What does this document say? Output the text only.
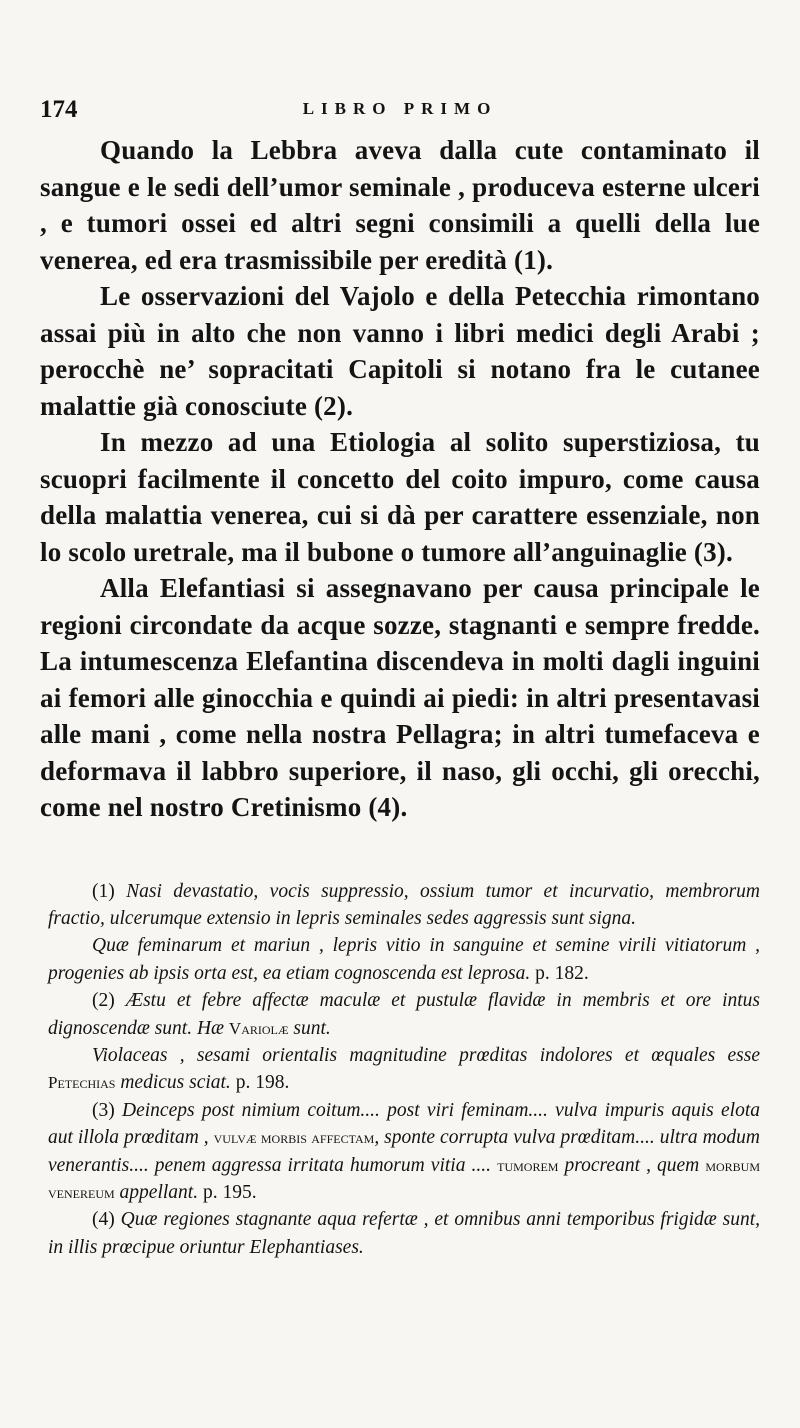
174	LIBRO PRIMO

Quando la Lebbra aveva dalla cute contaminato il sangue e le sedi dell’umor seminale , produceva esterne ulceri , e tumori ossei ed altri segni consimili a quelli della lue venerea, ed era trasmissibile per eredità (1).

Le osservazioni del Vajolo e della Petecchia rimontano assai più in alto che non vanno i libri medici degli Arabi ; perocchè ne’ sopracitati Capitoli si notano fra le cutanee malattie già conosciute (2).

In mezzo ad una Etiologia al solito superstiziosa, tu scuopri facilmente il concetto del coito impuro, come causa della malattia venerea, cui si dà per carattere essenziale, non lo scolo uretrale, ma il bubone o tumore all’anguinaglie (3).

Alla Elefantiasi si assegnavano per causa principale le regioni circondate da acque sozze, stagnanti e sempre fredde. La intumescenza Elefantina discendeva in molti dagli inguini ai femori alle ginocchia e quindi ai piedi: in altri presentavasi alle mani , come nella nostra Pellagra; in altri tumefaceva e deformava il labbro superiore, il naso, gli occhi, gli orecchi, come nel nostro Cretinismo (4).

(1) Nasi devastatio, vocis suppressio, ossium tumor et incurvatio, membrorum fractio, ulcerumque extensio in lepris seminales sedes aggressis sunt signa.

Quæ feminarum et mariun , lepris vitio in sanguine et semine virili vitiatorum , progenies ab ipsis orta est, ea etiam cognoscenda est leprosa. p. 182.

(2) Æstu et febre affectæ maculæ et pustulæ flavidæ in membris et ore intus dignoscendæ sunt. Hæ Variolæ sunt.

Violaceas , sesami orientalis magnitudine prœditas indolores et œquales esse Petechias medicus sciat. p. 198.

(3) Deinceps post nimium coitum.... post viri feminam.... vulva impuris aquis elota aut illola prœditam , vulvæ morbis affectam, sponte corrupta vulva prœditam.... ultra modum venerantis.... penem aggressa irritata humorum vitia .... tumorem procreant , quem morbum venereum appellant. p. 195.

(4) Quæ regiones stagnante aqua refertæ , et omnibus anni temporibus frigidæ sunt, in illis prœcipue oriuntur Elephantiases.
